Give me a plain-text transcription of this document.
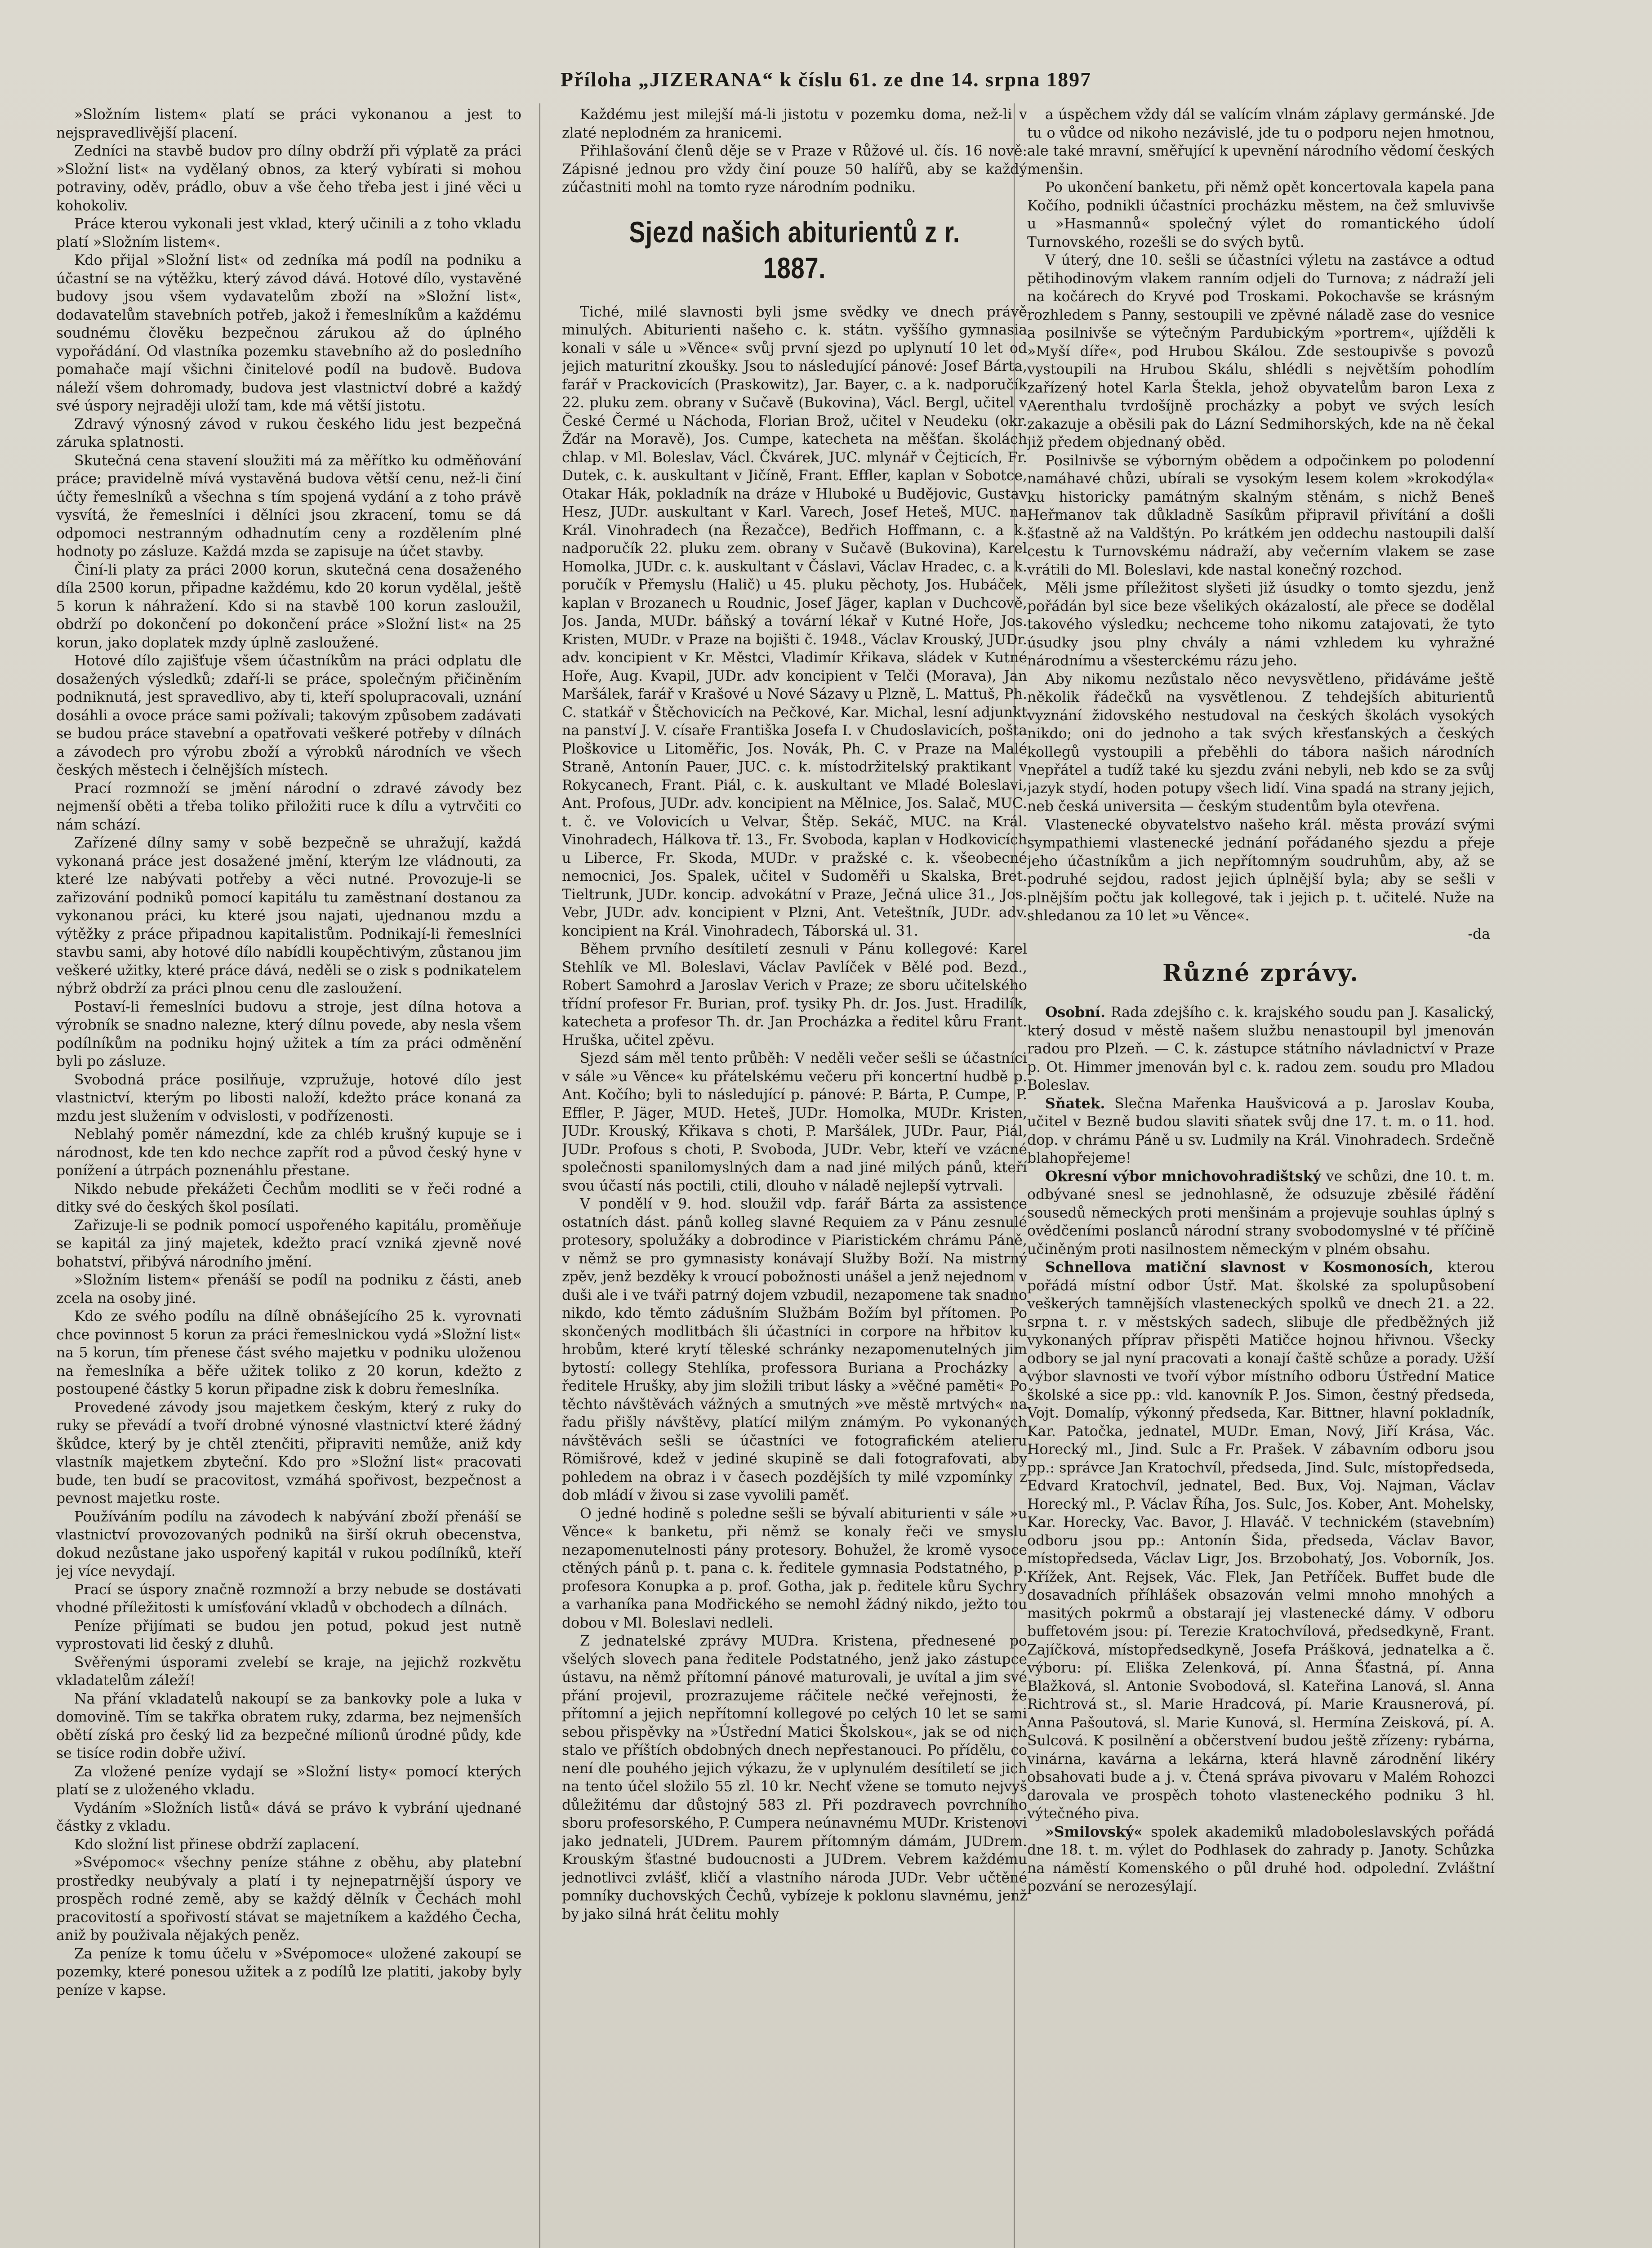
Příloha „JIZERANA“ k číslu 61. ze dne 14. srpna 1897

»Složním listem« platí se práci vykonanou a jest to nejspravedlivější placení.

Zedníci na stavbě budov pro dílny obdrží při výplatě za práci »Složní list« na vydělaný obnos, za který vybírati si mohou potraviny, oděv, prádlo, obuv a vše čeho třeba jest i jiné věci u kohokoliv.

Práce kterou vykonali jest vklad, který učinili a z toho vkladu platí »Složním listem«.

Kdo přijal »Složní list« od zedníka má podíl na podniku a účastní se na výtěžku, který závod dává. Hotové dílo, vystavěné budovy jsou všem vydavatelům zboží na »Složní list«, dodavatelům stavebních potřeb, jakož i řemeslníkům a každému soudnému člověku bezpečnou zárukou až do úplného vypořádání. Od vlastníka pozemku stavebního až do posledního pomahače mají všichni činitelové podíl na budově. Budova náleží všem dohromady, budova jest vlastnictví dobré a každý své úspory nejraději uloží tam, kde má větší jistotu.

Zdravý výnosný závod v rukou českého lidu jest bezpečná záruka splatnosti.

Skutečná cena stavení sloužiti má za měřítko ku odměňování práce; pravidelně mívá vystavěná budova větší cenu, než-li činí účty řemeslníků a všechna s tím spojená vydání a z toho právě vysvítá, že řemeslníci i dělníci jsou zkracení, tomu se dá odpomoci nestranným odhadnutím ceny a rozdělením plné hodnoty po zásluze. Každá mzda se zapisuje na účet stavby.

Činí-li platy za práci 2000 korun, skutečná cena dosaženého díla 2500 korun, připadne každému, kdo 20 korun vydělal, ještě 5 korun k náhražení. Kdo si na stavbě 100 korun zasloužil, obdrží po dokončení po dokončení práce »Složní list« na 25 korun, jako doplatek mzdy úplně zasloužené.

Hotové dílo zajišťuje všem účastníkům na práci odplatu dle dosažených výsledků; zdaří-li se práce, společným přičiněním podniknutá, jest spravedlivo, aby ti, kteří spolupracovali, uznání dosáhli a ovoce práce sami požívali; takovým způsobem zadávati se budou práce stavební a opatřovati veškeré potřeby v dílnách a závodech pro výrobu zboží a výrobků národních ve všech českých městech i čelnějších místech.

Prací rozmnoží se jmění národní o zdravé závody bez nejmenší oběti a třeba toliko přiložiti ruce k dílu a vytrvčiti co nám schází.

Zařízené dílny samy v sobě bezpečně se uhražují, každá vykonaná práce jest dosažené jmění, kterým lze vládnouti, za které lze nabývati potřeby a věci nutné. Provozuje-li se zařizování podniků pomocí kapitálu tu zaměstnaní dostanou za vykonanou práci, ku které jsou najati, ujednanou mzdu a výtěžky z práce připadnou kapitalistům. Podnikají-li řemeslníci stavbu sami, aby hotové dílo nabídli koupěchtivým, zůstanou jim veškeré užitky, které práce dává, neděli se o zisk s podnikatelem nýbrž obdrží za práci plnou cenu dle zasloužení.

Postaví-li řemeslníci budovu a stroje, jest dílna hotova a výrobník se snadno nalezne, který dílnu povede, aby nesla všem podílníkům na podniku hojný užitek a tím za práci odměnění byli po zásluze.

Svobodná práce posilňuje, vzpružuje, hotové dílo jest vlastnictví, kterým po libosti naloží, kdežto práce konaná za mzdu jest služením v odvislosti, v podřízenosti.

Neblahý poměr námezdní, kde za chléb krušný kupuje se i národnost, kde ten kdo nechce zapřít rod a původ český hyne v ponížení a útrpách poznenáhlu přestane.

Nikdo nebude překážeti Čechům modliti se v řeči rodné a ditky své do českých škol posílati.

Zařizuje-li se podnik pomocí uspořeného kapitálu, proměňuje se kapitál za jiný majetek, kdežto prací vzniká zjevně nové bohatství, přibývá národního jmění.

»Složním listem« přenáší se podíl na podniku z části, aneb zcela na osoby jiné.

Kdo ze svého podílu na dílně obnášejícího 25 k. vyrovnati chce povinnost 5 korun za práci řemeslnickou vydá »Složní list« na 5 korun, tím přenese část svého majetku v podniku uloženou na řemeslníka a běře užitek toliko z 20 korun, kdežto z postoupené částky 5 korun připadne zisk k dobru řemeslníka.

Provedené závody jsou majetkem českým, který z ruky do ruky se převádí a tvoří drobné výnosné vlastnictví které žádný škůdce, který by je chtěl ztenčiti, připraviti nemůže, aniž kdy vlastník majetkem zbyteční. Kdo pro »Složní list« pracovati bude, ten budí se pracovitost, vzmáhá spořivost, bezpečnost a pevnost majetku roste.

Používáním podílu na závodech k nabývání zboží přenáší se vlastnictví provozovaných podniků na širší okruh obecenstva, dokud nezůstane jako uspořený kapitál v rukou podílníků, kteří jej více nevydají.

Prací se úspory značně rozmnoží a brzy nebude se dostávati vhodné příležitosti k umísťování vkladů v obchodech a dílnách.

Peníze přijímati se budou jen potud, pokud jest nutně vyprostovati lid český z dluhů.

Svěřenými úsporami zvelebí se kraje, na jejichž rozkvětu vkladatelům záleží!

Na přání vkladatelů nakoupí se za bankovky pole a luka v domovině. Tím se takřka obratem ruky, zdarma, bez nejmenších obětí získá pro český lid za bezpečné mílionů úrodné půdy, kde se tisíce rodin dobře uživí.

Za vložené peníze vydají se »Složní listy« pomocí kterých platí se z uloženého vkladu.

Vydáním »Složních listů« dává se právo k vybrání ujednané částky z vkladu.

Kdo složní list přinese obdrží zaplacení.

»Svépomoc« všechny peníze stáhne z oběhu, aby platební prostředky neubývaly a platí i ty nejnepatrnější úspory ve prospěch rodné země, aby se každý dělník v Čechách mohl pracovitostí a spořivostí stávat se majetníkem a každého Čecha, aniž by použivala nějakých peněz.

Za peníze k tomu účelu v »Svépomoce« uložené zakoupí se pozemky, které ponesou užitek a z podílů lze platiti, jakoby byly peníze v kapse.

Každému jest milejší má-li jistotu v pozemku doma, než-li v zlaté neplodném za hranicemi.

Přihlašování členů děje se v Praze v Růžové ul. čís. 16 nově: Zápisné jednou pro vždy činí pouze 50 halířů, aby se každý zúčastniti mohl na tomto ryze národním podniku.

Sjezd našich abiturientů z r. 1887.

Tiché, milé slavnosti byli jsme svědky ve dnech právě minulých. Abiturienti našeho c. k. státn. vyššího gymnasia konali v sále u »Věnce« svůj první sjezd po uplynutí 10 let od jejich maturitní zkoušky. Jsou to následující pánové: Josef Bárta, farář v Prackovicích (Praskowitz), Jar. Bayer, c. a k. nadporučík 22. pluku zem. obrany v Sučavě (Bukovina), Václ. Bergl, učitel v České Čermé u Náchoda, Florian Brož, učitel v Neudeku (okr. Žďár na Moravě), Jos. Cumpe, katecheta na měšťan. školách chlap. v Ml. Boleslav, Václ. Čkvárek, JUC. mlynář v Čejticích, Fr. Dutek, c. k. auskultant v Jičíně, Frant. Effler, kaplan v Sobotce, Otakar Hák, pokladník na dráze v Hluboké u Budějovic, Gustav Hesz, JUDr. auskultant v Karl. Varech, Josef Heteš, MUC. na Král. Vinohradech (na Řezačce), Bedřich Hoffmann, c. a k. nadporučík 22. pluku zem. obrany v Sučavě (Bukovina), Karel Homolka, JUDr. c. k. auskultant v Čáslavi, Václav Hradec, c. a k. poručík v Přemyslu (Halič) u 45. pluku pěchoty, Jos. Hubáček, kaplan v Brozanech u Roudnic, Josef Jäger, kaplan v Duchcově, Jos. Janda, MUDr. báňský a tovární lékař v Kutné Hoře, Jos. Kristen, MUDr. v Praze na bojišti č. 1948., Václav Krouský, JUDr. adv. koncipient v Kr. Městci, Vladimír Křikava, sládek v Kutné Hoře, Aug. Kvapil, JUDr. adv koncipient v Telči (Morava), Jan Maršálek, farář v Krašové u Nové Sázavy u Plzně, L. Mattuš, Ph. C. statkář v Štěchovicích na Pečkové, Kar. Michal, lesní adjunkt na panství J. V. císaře Františka Josefa I. v Chudoslavicích, pošta Ploškovice u Litoměřic, Jos. Novák, Ph. C. v Praze na Malé Straně, Antonín Pauer, JUC. c. k. místodržitelský praktikant v Rokycanech, Frant. Piál, c. k. auskultant ve Mladé Boleslavi, Ant. Profous, JUDr. adv. koncipient na Mělnice, Jos. Salač, MUC. t. č. ve Volovicích u Velvar, Štěp. Sekáč, MUC. na Král. Vinohradech, Hálkova tř. 13., Fr. Svoboda, kaplan v Hodkovicích u Liberce, Fr. Skoda, MUDr. v pražské c. k. všeobecné nemocnici, Jos. Spalek, učitel v Sudoměři u Skalska, Bret. Tieltrunk, JUDr. koncip. advokátní v Praze, Ječná ulice 31., Jos. Vebr, JUDr. adv. koncipient v Plzni, Ant. Veteštník, JUDr. adv. koncipient na Král. Vinohradech, Táborská ul. 31.

Během prvního desítiletí zesnuli v Pánu kollegové: Karel Stehlík ve Ml. Boleslavi, Václav Pavlíček v Bělé pod. Bezd., Robert Samohrd a Jaroslav Verich v Praze; ze sboru učitelského třídní profesor Fr. Burian, prof. tysiky Ph. dr. Jos. Just. Hradilík, katecheta a profesor Th. dr. Jan Procházka a ředitel kůru Frant. Hruška, učitel zpěvu.

Sjezd sám měl tento průběh: V neděli večer sešli se účastníci v sále »u Věnce« ku přátelskému večeru při koncertní hudbě p. Ant. Kočího; byli to následující p. pánové: P. Bárta, P. Cumpe, P. Effler, P. Jäger, MUD. Heteš, JUDr. Homolka, MUDr. Kristen, JUDr. Krouský, Křikava s choti, P. Maršálek, JUDr. Paur, Piál, JUDr. Profous s choti, P. Svoboda, JUDr. Vebr, kteří ve vzácné společnosti spanilomyslných dam a nad jiné milých pánů, kteří svou účastí nás poctili, ctili, dlouho v náladě nejlepší vytrvali.

V pondělí v 9. hod. sloužil vdp. farář Bárta za assistence ostatních dást. pánů kolleg slavné Requiem za v Pánu zesnulé protesory, spolužáky a dobrodince v Piaristickém chrámu Páně, v němž se pro gymnasisty konávají Služby Boží. Na mistrný zpěv, jenž bezděky k vroucí pobožnosti unášel a jenž nejednom v duši ale i ve tváři patrný dojem vzbudil, nezapomene tak snadno nikdo, kdo těmto zádušním Službám Božím byl přítomen. Po skončených modlitbách šli účastníci in corpore na hřbitov ku hrobům, které krytí těleské schránky nezapomenutelných jim bytostí: collegy Stehlíka, professora Buriana a Procházky a ředitele Hrušky, aby jim složili tribut lásky a »věčné paměti« Po těchto návštěvách vážných a smutných »ve městě mrtvých« na řadu přišly návštěvy, platící milým známým. Po vykonaných návštěvách sešli se účastníci ve fotografickém atelieru Römišrové, kdež v jediné skupině se dali fotografovati, aby pohledem na obraz i v časech pozdějších ty milé vzpomínky z dob mládí v živou si zase vyvolili paměť.

O jedné hodině s poledne sešli se bývalí abiturienti v sále »u Věnce« k banketu, při němž se konaly řeči ve smyslu nezapomenutelnosti pány protesory. Bohužel, že kromě vysoce ctěných pánů p. t. pana c. k. ředitele gymnasia Podstatného, p. profesora Konupka a p. prof. Gotha, jak p. ředitele kůru Sychry a varhaníka pana Modřického se nemohl žádný nikdo, ježto tou dobou v Ml. Boleslavi nedleli.

Z jednatelské zprávy MUDra. Kristena, přednesené po všelých slovech pana ředitele Podstatného, jenž jako zástupce ústavu, na němž přítomní pánové maturovali, je uvítal a jim své přání projevil, prozrazujeme ráčitele nečké veřejnosti, že přítomní a jejich nepřítomní kollegové po celých 10 let se sami sebou přispěvky na »Ústřední Matici Školskou«, jak se od nich stalo ve příštích obdobných dnech nepřestanouci. Po přídělu, co není dle pouhého jejich výkazu, že v uplynulém desítiletí se jich na tento účel složilo 55 zl. 10 kr. Nechť vžene se tomuto nejvyš důležitému dar důstojný 583 zl. Při pozdravech povrchního sboru profesorského, P. Cumpera neúnavnému MUDr. Kristenovi jako jednateli, JUDrem. Paurem přítomným dámám, JUDrem. Krouským šťastné budoucnosti a JUDrem. Vebrem každému jednotlivci zvlášť, kličí a vlastního národa JUDr. Vebr učtěné pomníky duchovských Čechů, vybízeje k poklonu slavnému, jenž by jako silná hrát čelitu mohly

a úspěchem vždy dál se valícím vlnám záplavy germánské. Jde tu o vůdce od nikoho nezávislé, jde tu o podporu nejen hmotnou, ale také mravní, směřující k upevnění národního vědomí českých menšin.

Po ukončení banketu, při němž opět koncertovala kapela pana Kočího, podnikli účastníci procházku městem, na čež smluvivše u »Hasmannů« společný výlet do romantického údolí Turnovského, rozešli se do svých bytů.

V úterý, dne 10. sešli se účastníci výletu na zastávce a odtud pětihodinovým vlakem ranním odjeli do Turnova; z nádraží jeli na kočárech do Kryvé pod Troskami. Pokochavše se krásným rozhledem s Panny, sestoupili ve zpěvné náladě zase do vesnice a posilnivše se výtečným Pardubickým »portrem«, ujížděli k »Myší díře«, pod Hrubou Skálou. Zde sestoupivše s povozů vystoupili na Hrubou Skálu, shlédli s největším pohodlím zařízený hotel Karla Štekla, jehož obyvatelům baron Lexa z Aerenthalu tvrdošíjně procházky a pobyt ve svých lesích zakazuje a oběsili pak do Lázní Sedmihorských, kde na ně čekal již předem objednaný oběd.

Posilnivše se výborným obědem a odpočinkem po polodenní namáhavé chůzi, ubírali se vysokým lesem kolem »krokodýla« ku historicky památným skalným stěnám, s nichž Beneš Heřmanov tak důkladně Sasíkům připravil přivítání a došli šťastně až na Valdštýn. Po krátkém jen oddechu nastoupili další cestu k Turnovskému nádraží, aby večerním vlakem se zase vrátili do Ml. Boleslavi, kde nastal konečný rozchod.

Měli jsme příležitost slyšeti již úsudky o tomto sjezdu, jenž pořádán byl sice beze všelikých okázalostí, ale přece se dodělal takového výsledku; nechceme toho nikomu zatajovati, že tyto úsudky jsou plny chvály a námi vzhledem ku vyhražné národnímu a všesterckému rázu jeho.

Aby nikomu nezůstalo něco nevysvětleno, přidáváme ještě několik řádečků na vysvětlenou. Z tehdejších abiturientů vyznání židovského nestudoval na českých školách vysokých nikdo; oni do jednoho a tak svých křesťanských a českých kollegů vystoupili a přeběhli do tábora našich národních nepřátel a tudíž také ku sjezdu zváni nebyli, neb kdo se za svůj jazyk stydí, hoden potupy všech lidí. Vina spadá na strany jejich, neb česká universita — českým studentům byla otevřena.

Vlastenecké obyvatelstvo našeho král. města provází svými sympathiemi vlastenecké jednání pořádaného sjezdu a přeje jeho účastníkům a jich nepřítomným soudruhům, aby, až se podruhé sejdou, radost jejich úplnější byla; aby se sešli v plnějším počtu jak kollegové, tak i jejich p. t. učitelé. Nuže na shledanou za 10 let »u Věnce«.

-da

Různé zprávy.

Osobní. Rada zdejšího c. k. krajského soudu pan J. Kasalický, který dosud v městě našem službu nenastoupil byl jmenován radou pro Plzeň. — C. k. zástupce státního návladnictví v Praze p. Ot. Himmer jmenován byl c. k. radou zem. soudu pro Mladou Boleslav.

Sňatek. Slečna Mařenka Haušvicová a p. Jaroslav Kouba, učitel v Bezně budou slaviti sňatek svůj dne 17. t. m. o 11. hod. dop. v chrámu Páně u sv. Ludmily na Král. Vinohradech. Srdečně blahopřejeme!

Okresní výbor mnichovohradištský ve schůzi, dne 10. t. m. odbývané snesl se jednohlasně, že odsuzuje zběsilé řádění sousedů německých proti menšinám a projevuje souhlas úplný s ovědčeními poslanců národní strany svobodomyslné v té příčině učiněným proti nasilnostem německým v plném obsahu.

Schnellova matiční slavnost v Kosmonosích, kterou pořádá místní odbor Ústř. Mat. školské za spolupůsobení veškerých tamnějších vlasteneckých spolků ve dnech 21. a 22. srpna t. r. v městských sadech, slibuje dle předběžných již vykonaných příprav přispěti Matičce hojnou hřivnou. Všecky odbory se jal nyní pracovati a konají čaště schůze a porady. Užší výbor slavnosti ve tvoří výbor místního odboru Ústřední Matice školské a sice pp.: vld. kanovník P. Jos. Simon, čestný předseda, Vojt. Domalíp, výkonný předseda, Kar. Bittner, hlavní pokladník, Kar. Patočka, jednatel, MUDr. Eman, Nový, Jiří Krása, Vác. Horecký ml., Jind. Sulc a Fr. Prašek. V zábavním odboru jsou pp.: správce Jan Kratochvíl, předseda, Jind. Sulc, místopředseda, Edvard Kratochvíl, jednatel, Bed. Bux, Voj. Najman, Václav Horecký ml., P. Václav Říha, Jos. Sulc, Jos. Kober, Ant. Mohelsky, Kar. Horecky, Vac. Bavor, J. Hlaváč. V technickém (stavebním) odboru jsou pp.: Antonín Šida, předseda, Václav Bavor, místopředseda, Václav Ligr, Jos. Brzobohatý, Jos. Voborník, Jos. Křížek, Ant. Rejsek, Vác. Flek, Jan Petříček. Buffet bude dle dosavadních příhlášek obsazován velmi mnoho mnohých a masitých pokrmů a obstarají jej vlastenecké dámy. V odboru buffetovém jsou: pí. Terezie Kratochvílová, předsedkyně, Frant. Zajíčková, místopředsedkyně, Josefa Prášková, jednatelka a č. výboru: pí. Eliška Zelenková, pí. Anna Šťastná, pí. Anna Blažková, sl. Antonie Svobodová, sl. Kateřina Lanová, sl. Anna Richtrová st., sl. Marie Hradcová, pí. Marie Krausnerová, pí. Anna Pašoutová, sl. Marie Kunová, sl. Hermína Zeisková, pí. A. Sulcová. K posilnění a občerstvení budou ještě zřízeny: rybárna, vinárna, kavárna a lekárna, která hlavně zárodnění likéry obsahovati bude a j. v. Čtená správa pivovaru v Malém Rohozci darovala ve prospěch tohoto vlasteneckého podniku 3 hl. výtečného piva.

»Smilovský« spolek akademiků mladoboleslavských pořádá dne 18. t. m. výlet do Podhlasek do zahrady p. Janoty. Schůzka na náměstí Komenského o půl druhé hod. odpolední. Zvláštní pozvání se nerozesýlají.
